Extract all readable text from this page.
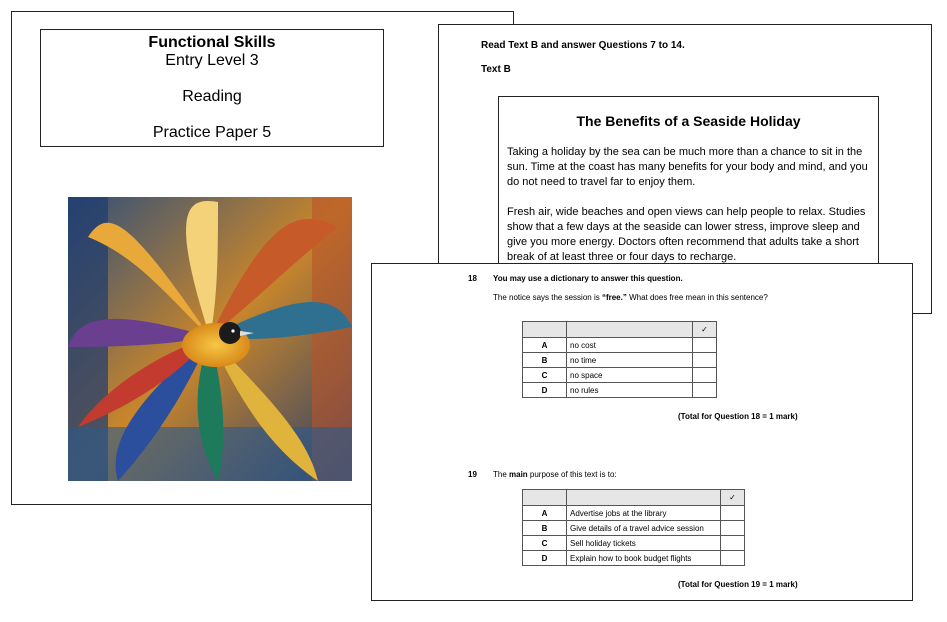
Functional Skills
Entry Level 3
Reading
Practice Paper 5
Read Text B and answer Questions 7 to 14.
Text B
The Benefits of a Seaside Holiday

Taking a holiday by the sea can be much more than a chance to sit in the sun. Time at the coast has many benefits for your body and mind, and you do not need to travel far to enjoy them.

Fresh air, wide beaches and open views can help people to relax. Studies show that a few days at the seaside can lower stress, improve sleep and give you more energy. Doctors often recommend that adults take a short break of at least three or four days to recharge.

18 You may use a dictionary to answer this question.
The notice says the session is “free.” What does free mean in this sentence?
		✓
A	no cost	
B	no time	
C	no space	
D	no rules	
(Total for Question 18 = 1 mark)
19 The main purpose of this text is to:
		✓
A	Advertise jobs at the library	
B	Give details of a travel advice session	
C	Sell holiday tickets	
D	Explain how to book budget flights	
(Total for Question 19 = 1 mark)
